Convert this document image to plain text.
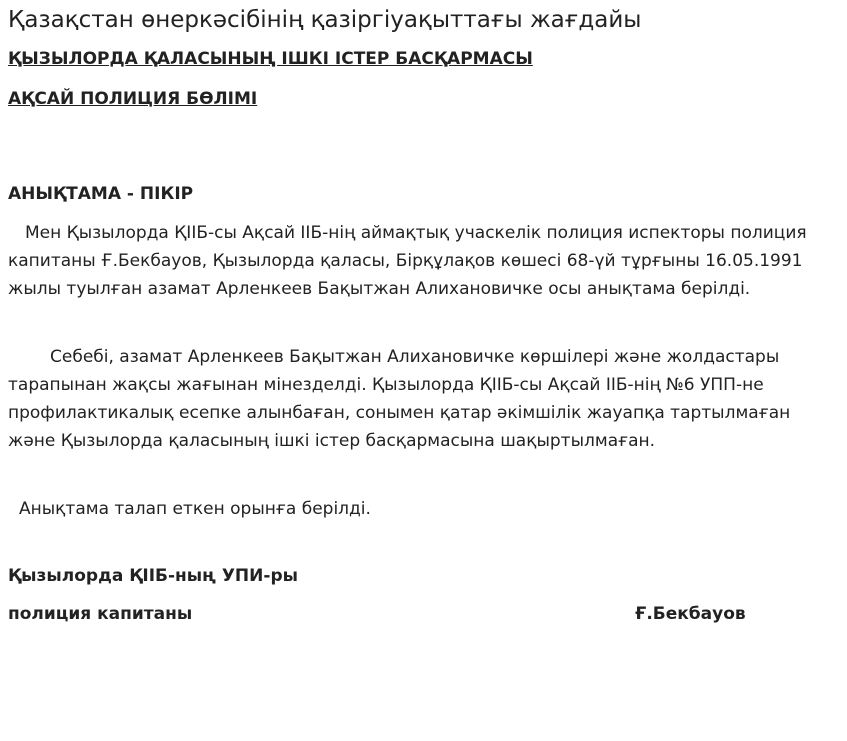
Қазақстан өнеркәсібінің қазіргіуақыттағы жағдайы

ҚЫЗЫЛОРДА ҚАЛАСЫНЫҢ ІШКІ ІСТЕР БАСҚАРМАСЫ

АҚСАЙ ПОЛИЦИЯ БӨЛІМІ

АНЫҚТАМА - ПІКІР

Мен Қызылорда ҚІІБ-сы Ақсай ІІБ-нің аймақтық учаскелік полиция испекторы полиция капитаны Ғ.Бекбауов, Қызылорда қаласы, Бірқұлақов көшесі 68-үй тұрғыны 16.05.1991 жылы туылған азамат Арленкеев Бақытжан Алихановичке осы анықтама берілді.

Себебі, азамат Арленкеев Бақытжан Алихановичке көршілері және жолдастары тарапынан жақсы жағынан мінезделді. Қызылорда ҚІІБ-сы Ақсай ІІБ-нің №6 УПП-не профилактикалық есепке алынбаған, сонымен қатар әкімшілік жауапқа тартылмаған және Қызылорда қаласының ішкі істер басқармасына шақыртылмаған.

Анықтама талап еткен орынға берілді.

Қызылорда ҚІІБ-ның УПИ-ры

полиция капитаны	Ғ.Бекбауов
